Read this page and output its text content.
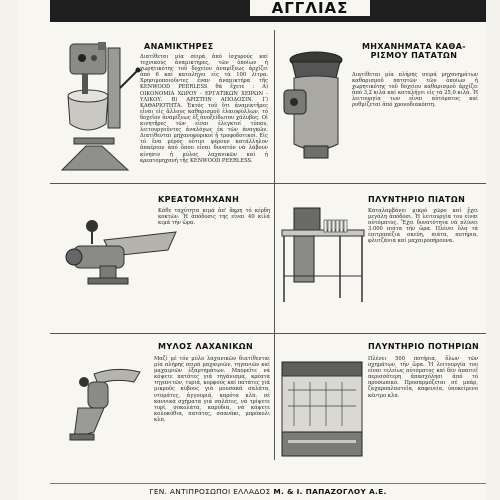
ΑΓΓΛΙΑΣ
ΑΝΑΜΙΚΤΗΡΕΣ
Διατίθεται μία σειρά ἀπό ἰσχυρούς καί τεχνικούς ἀναμικτήρες, τῶν ὁποίων ἡ χωρητικότης τοῦ δοχείου ἀναμίξεως ἀρχίζει ἀπό 6 καί καταλήγει εἰς τά 100 λίτρα. Χρησιμοποιοῦντες ἕναν ἀναμικτήρα τῆς KENWOOD PEERLESS θά ἔχετε : Α) ΟΙΚΟΝΟΜΙΑ ΧΩΡΟΥ - ΕΡΓΑΤΙΚΩΝ ΧΕΙΡΩΝ - ΥΛΙΚΟΥ. Β) ΑΡΙΣΤΗΝ ΑΠΟΔΟΣΙΝ. Γ) ΚΑΘΑΡΙΟΤΗΤΑ. Ἐκτός τοῦ ὅτι ἀναμικτῆρες εἶναι εἰς ἄλλους καθαρισμοῦ ἐλαιοφύλλων, τό δοχεῖον ἀναμίξεως ἐξ ἀνοξείδωτου χάλυβος. Οἱ κινητῆρες τῶν εἶναι ἐλεγκτοί τύπου, λειτουργοῦντες ἀναλόγως ἐκ τῶν ἀναγκῶν. Διατίθενται μηχανοφορικοί ἤ τροφοδοτικοί. Εἰς τό ἕνα μέρος οὗτινι φέρουν κατάλληλον ἀπαέριον ἀπό ὅπου εἶναι δυνατόν νά λάβουν κίνησιν ἡ μύλος λαχανικῶν καί ἡ κρεατομηχανή τῆς KENWOOD PEERLESS.
ΜΗΧΑΝΗΜΑΤΑ ΚΑΘΑ- ΡΙΣΜΟΥ ΠΑΤΑΤΩΝ
Διατίθεται μία πλήρης σειρά μηχανημάτων καθαρισμοῦ πατατῶν τῶν ὁποίων ἡ χωρητικότης τοῦ δοχείου καθαρισμοῦ ἀρχίζει ἀπό 3,2 κιλά καί καταλήγει εἰς τά 25,0 κιλά. Ἡ λειτουργία των εἶναι αὐτόματος καί ρυθμίζεται ἀπό χρονοδιακόπτη.
ΚΡΕΑΤΟΜΗΧΑΝΗ
Κάθε ταχύτητα κιμά ἀπ' ἄκρη τό κέρδη κοκτῶν. Ἡ ἀπόδοσις της εἶναι 40 κιλά κιμά τήν ὥρα.
ΠΛΥΝΤΗΡΙΟ ΠΙΑΤΩΝ
Καταλαμβάνει μικρό χῶρο καί ἔχει μεγάλη ἀπόδοσι. Ἡ λειτουργία του εἶναι αὐτόματος. Ἔχει δυνατότητα νά πλύνει 3.000 πιάτα τήν ὥρα. Πλένει ὅλα τά ἐπιτραπέζια σκεύη, πιάτα, ποτήρια, φλυτζάνια καί μαχαιροπήρουνα.
ΜΥΛΟΣ ΛΑΧΑΝΙΚΩΝ
Μαζί μέ τόν μύλο λαχανικῶν διατίθενται μία πλήρης σειρά μαχαιριῶν, τηγανιῶν καί μαχαιριῶν ἐξαρτημάτων. Μπορεῖτε νά κόψετε πατάτες γιά τηγάνισμα, κρέατα τηγανιτῶν, τυριά, κορφούς καί πατάτες γιά μικροῦς κύβους γιά μουσακά σαλάτα, ντομάτες, ἀγγουριά, καρότα κλπ. σέ καννικά σχήματα γιά σαλάτες, νά τρίψετε τυρί, σοκολάτα, καρύδια, νά κάψετε κολοκύθια, πατάτες, σπανάκι, μπρόκολι κλπ.
ΠΛΥΝΤΗΡΙΟ ΠΟΤΗΡΙΩΝ
Πλένει 500 ποτήρια, ὅλων τῶν σχημάτων, τήν ὥρα. Ἡ λειτουργία του εἶναι τελείως αὐτόματος καί δέν ἀπαιτεῖ περισσότερη ἀπασχόλησι ἀπό τό προσωπικό. Προσαρμόζεται σέ μπάρ, ζαχαροπλαστεῖα, καφενεία, ὑποκείμενο κέντρο κλπ.
ΓΕΝ. ΑΝΤΙΠΡΟΣΩΠΟΙ ΕΛΛΑΔΟΣ Μ. & Ι. ΠΑΠΑΖΟΓΛΟΥ Α.Ε.
